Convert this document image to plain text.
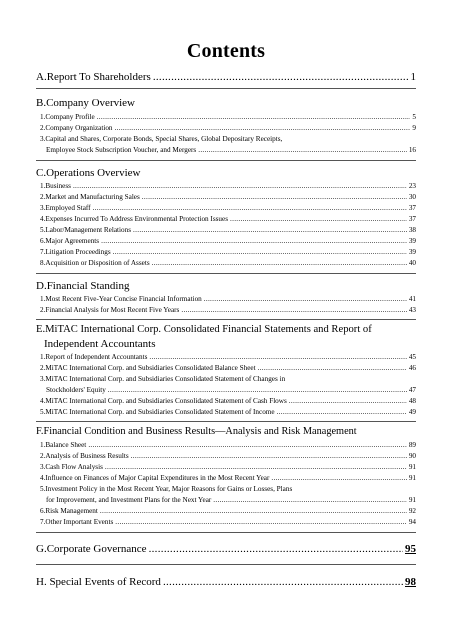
Contents
A.Report To Shareholders .....	1
B.Company Overview
1.Company Profile .....	5
2.Company Organization .....	9
3.Capital and Shares, Corporate Bonds, Special Shares, Global Depositary Receipts,
Employee Stock Subscription Voucher, and Mergers .....	16
C.Operations Overview
1.Business .....	23
2.Market and Manufacturing Sales .....	30
3.Employed Staff .....	37
4.Expenses Incurred To Address Environmental Protection Issues .....	37
5.Labor/Management Relations .....	38
6.Major Agreements .....	39
7.Litigation Proceedings .....	39
8.Acquisition or Disposition of Assets .....	40
D.Financial Standing
1.Most Recent Five-Year Concise Financial Information .....	41
2.Financial Analysis for Most Recent Five Years .....	43
E.MiTAC International Corp. Consolidated Financial Statements and Report of
Independent Accountants
1.Report of Independent Accountants .....	45
2.MiTAC International Corp. and Subsidiaries Consolidated Balance Sheet .....	46
3.MiTAC International Corp. and Subsidiaries Consolidated Statement of Changes in
Stockholders' Equity .....	47
4.MiTAC International Corp. and Subsidiaries Consolidated Statement of Cash Flows .....	48
5.MiTAC International Corp. and Subsidiaries Consolidated Statement of Income .....	49
F.Financial Condition and Business Results—Analysis and Risk Management
1.Balance Sheet .....	89
2.Analysis of Business Results .....	90
3.Cash Flow Analysis .....	91
4.Influence on Finances of Major Capital Expenditures in the Most Recent Year .....	91
5.Investment Policy in the Most Recent Year, Major Reasons for Gains or Losses, Plans
for Improvement, and Investment Plans for the Next Year .....	91
6.Risk Management .....	92
7.Other Important Events .....	94
G.Corporate Governance .....	95
H. Special Events of Record .....	98
